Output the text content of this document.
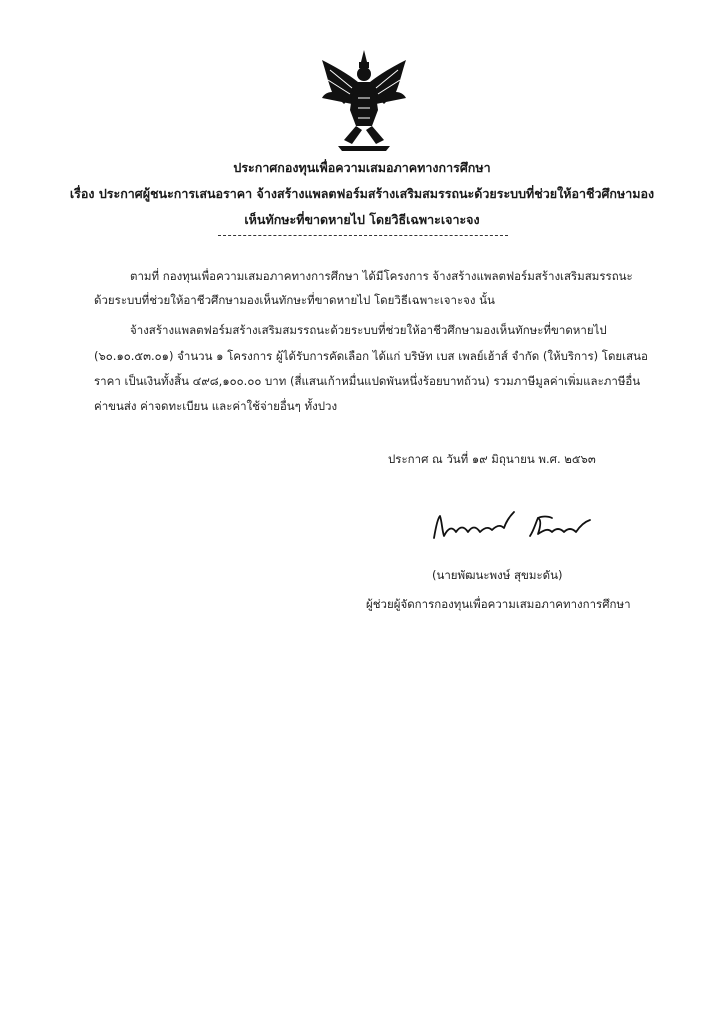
ประกาศกองทุนเพื่อความเสมอภาคทางการศึกษา
เรื่อง ประกาศผู้ชนะการเสนอราคา จ้างสร้างแพลตฟอร์มสร้างเสริมสมรรถนะด้วยระบบที่ช่วยให้อาชีวศึกษามอง
เห็นทักษะที่ขาดหายไป โดยวิธีเฉพาะเจาะจง
ตามที่ กองทุนเพื่อความเสมอภาคทางการศึกษา ได้มีโครงการ จ้างสร้างแพลตฟอร์มสร้างเสริมสมรรถนะ
ด้วยระบบที่ช่วยให้อาชีวศึกษามองเห็นทักษะที่ขาดหายไป โดยวิธีเฉพาะเจาะจง นั้น
จ้างสร้างแพลตฟอร์มสร้างเสริมสมรรถนะด้วยระบบที่ช่วยให้อาชีวศึกษามองเห็นทักษะที่ขาดหายไป
(๖๐.๑๐.๕๓.๐๑) จำนวน ๑ โครงการ ผู้ได้รับการคัดเลือก ได้แก่ บริษัท เบส เพลย์เฮ้าส์ จำกัด (ให้บริการ) โดยเสนอ
ราคา เป็นเงินทั้งสิ้น ๔๙๘,๑๐๐.๐๐ บาท (สี่แสนเก้าหมื่นแปดพันหนึ่งร้อยบาทถ้วน) รวมภาษีมูลค่าเพิ่มและภาษีอื่น
ค่าขนส่ง ค่าจดทะเบียน และค่าใช้จ่ายอื่นๆ ทั้งปวง
ประกาศ ณ วันที่ ๑๙ มิถุนายน พ.ศ. ๒๕๖๓
(นายพัฒนะพงษ์ สุขมะดัน)
ผู้ช่วยผู้จัดการกองทุนเพื่อความเสมอภาคทางการศึกษา
